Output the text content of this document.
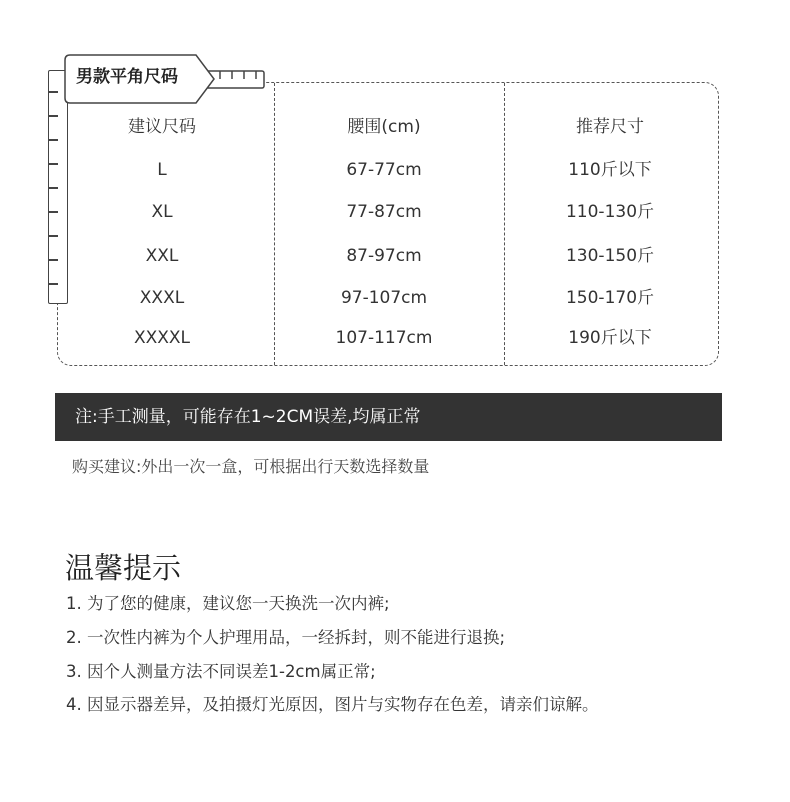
建议尺码	腰围(cm)	推荐尺寸
L	67-77cm	110斤以下
XL	77-87cm	110-130斤
XXL	87-97cm	130-150斤
XXXL	97-107cm	150-170斤
XXXXL	107-117cm	190斤以下
男款平角尺码
注:手工测量，可能存在1~2CM误差,均属正常
购买建议:外出一次一盒，可根据出行天数选择数量
温馨提示
1. 为了您的健康，建议您一天换洗一次内裤;
2. 一次性内裤为个人护理用品，一经拆封，则不能进行退换;
3. 因个人测量方法不同误差1-2cm属正常;
4. 因显示器差异，及拍摄灯光原因，图片与实物存在色差，请亲们谅解。
